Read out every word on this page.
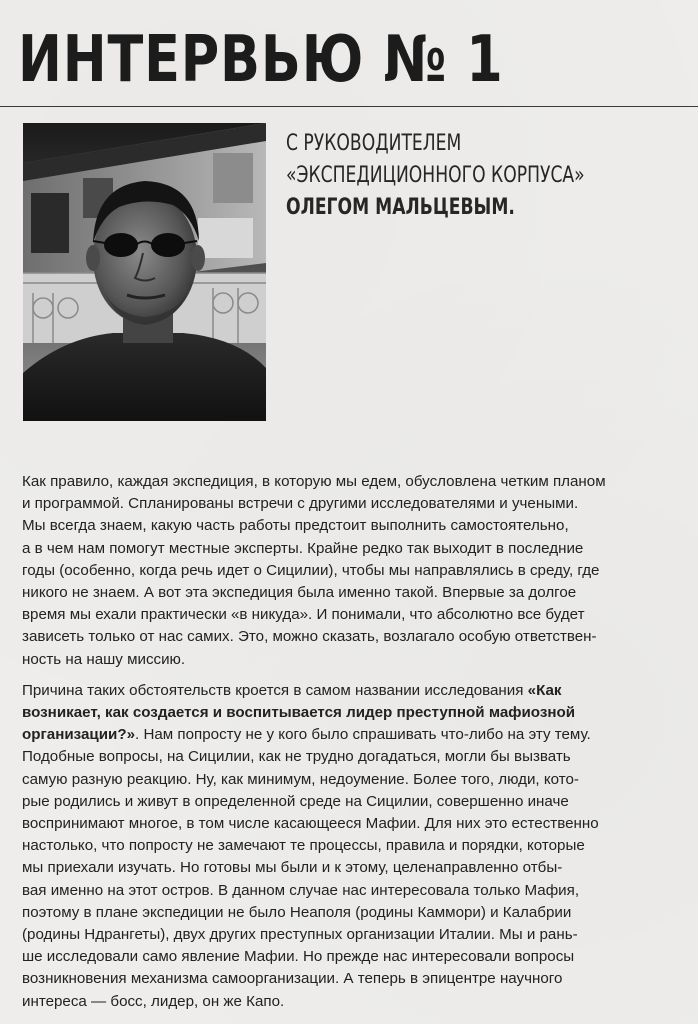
ИНТЕРВЬЮ № 1
С РУКОВОДИТЕЛЕМ
«ЭКСПЕДИЦИОННОГО КОРПУСА»
ОЛЕГОМ МАЛЬЦЕВЫМ.

Как правило, каждая экспедиция, в которую мы едем, обусловлена четким планом
и программой. Спланированы встречи с другими исследователями и учеными.
Мы всегда знаем, какую часть работы предстоит выполнить самостоятельно,
а в чем нам помогут местные эксперты. Крайне редко так выходит в последние
годы (особенно, когда речь идет о Сицилии), чтобы мы направлялись в среду, где
никого не знаем. А вот эта экспедиция была именно такой. Впервые за долгое
время мы ехали практически «в никуда». И понимали, что абсолютно все будет
зависеть только от нас самих. Это, можно сказать, возлагало особую ответствен-
ность на нашу миссию.

Причина таких обстоятельств кроется в самом названии исследования «Как
возникает, как создается и воспитывается лидер преступной мафиозной
организации?». Нам попросту не у кого было спрашивать что-либо на эту тему.
Подобные вопросы, на Сицилии, как не трудно догадаться, могли бы вызвать
самую разную реакцию. Ну, как минимум, недоумение. Более того, люди, кото-
рые родились и живут в определенной среде на Сицилии, совершенно иначе
воспринимают многое, в том числе касающееся Мафии. Для них это естественно
настолько, что попросту не замечают те процессы, правила и порядки, которые
мы приехали изучать. Но готовы мы были и к этому, целенаправленно отбы-
вая именно на этот остров. В данном случае нас интересовала только Мафия,
поэтому в плане экспедиции не было Неаполя (родины Каммори) и Калабрии
(родины Ндрангеты), двух других преступных организации Италии. Мы и рань-
ше исследовали само явление Мафии. Но прежде нас интересовали вопросы
возникновения механизма самоорганизации. А теперь в эпицентре научного
интереса — босс, лидер, он же Капо.
